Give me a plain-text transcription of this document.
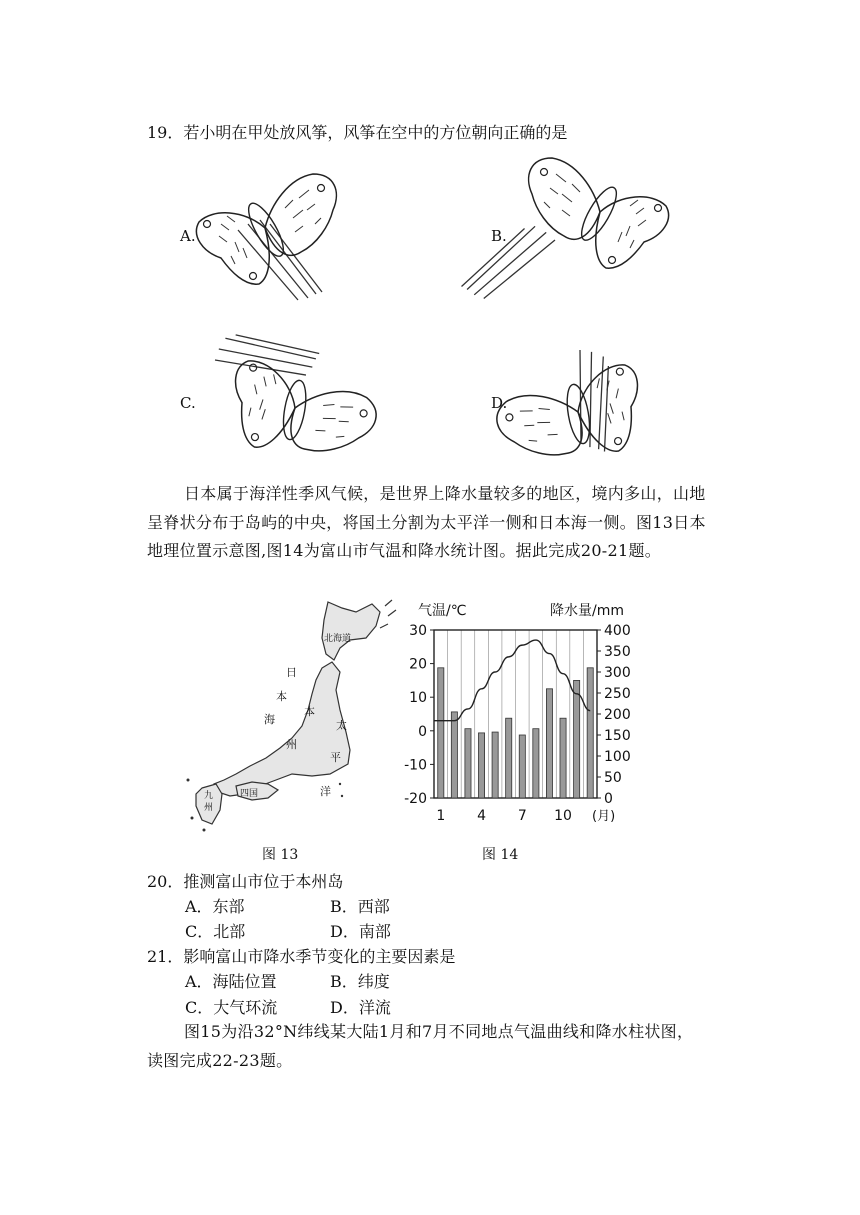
19．若小明在甲处放风筝，风筝在空中的方位朝向正确的是
A.	B.
C.	D.
日本属于海洋性季风气候，是世界上降水量较多的地区，境内多山，山地呈脊状分布于岛屿的中央，将国土分割为太平洋一侧和日本海一侧。图13日本地理位置示意图,图14为富山市气温和降水统计图。据此完成20-21题。
北海道
日
本
海
本
州
太
平
洋
四国
九
州
图 13
气温/℃	降水量/mm
30
20
10
0
-10
-20
400
350
300
250
200
150
100
50
0
1 4 7 10 (月)
图 14
20．推测富山市位于本州岛
A．东部	B．西部
C．北部	D．南部
21．影响富山市降水季节变化的主要因素是
A．海陆位置	B．纬度
C．大气环流	D．洋流
图15为沿32°N纬线某大陆1月和7月不同地点气温曲线和降水柱状图，读图完成22-23题。
